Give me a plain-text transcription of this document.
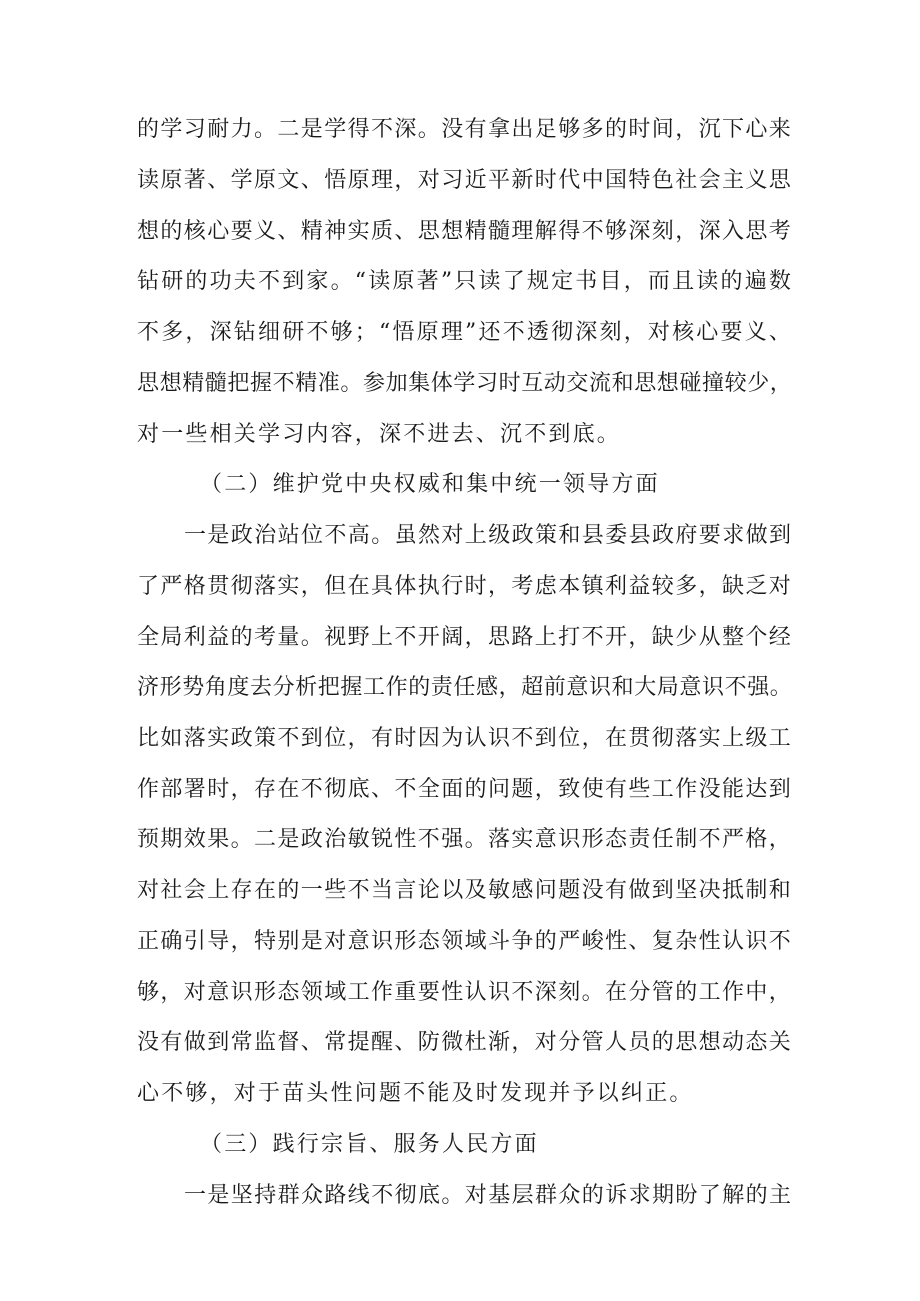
的学习耐力。二是学得不深。没有拿出足够多的时间，沉下心来
读原著、学原文、悟原理，对习近平新时代中国特色社会主义思
想的核心要义、精神实质、思想精髓理解得不够深刻，深入思考
钻研的功夫不到家。“读原著”只读了规定书目，而且读的遍数
不多，深钻细研不够；“悟原理”还不透彻深刻，对核心要义、
思想精髓把握不精准。参加集体学习时互动交流和思想碰撞较少，
对一些相关学习内容，深不进去、沉不到底。
（二）维护党中央权威和集中统一领导方面
一是政治站位不高。虽然对上级政策和县委县政府要求做到
了严格贯彻落实，但在具体执行时，考虑本镇利益较多，缺乏对
全局利益的考量。视野上不开阔，思路上打不开，缺少从整个经
济形势角度去分析把握工作的责任感，超前意识和大局意识不强。
比如落实政策不到位，有时因为认识不到位，在贯彻落实上级工
作部署时，存在不彻底、不全面的问题，致使有些工作没能达到
预期效果。二是政治敏锐性不强。落实意识形态责任制不严格，
对社会上存在的一些不当言论以及敏感问题没有做到坚决抵制和
正确引导，特别是对意识形态领域斗争的严峻性、复杂性认识不
够，对意识形态领域工作重要性认识不深刻。在分管的工作中，
没有做到常监督、常提醒、防微杜渐，对分管人员的思想动态关
心不够，对于苗头性问题不能及时发现并予以纠正。
（三）践行宗旨、服务人民方面
一是坚持群众路线不彻底。对基层群众的诉求期盼了解的主
